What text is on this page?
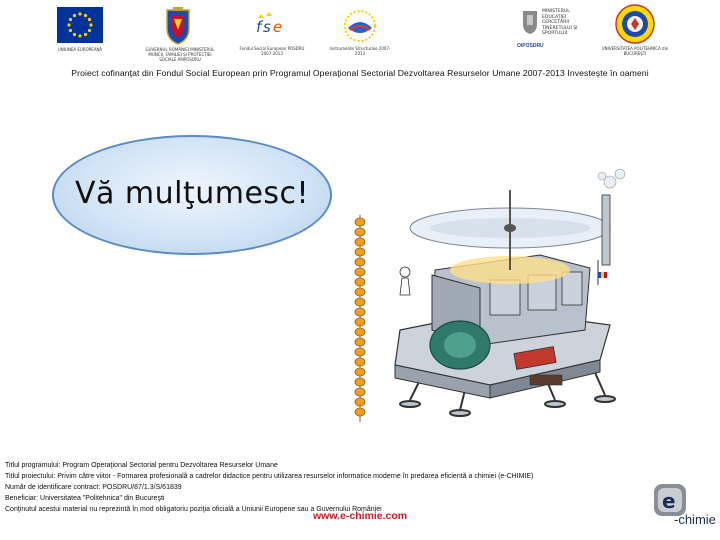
UNIUNEA EUROPEANĂ	GUVERNUL ROMÂNIEI MINISTERUL MUNCII, FAMILIEI ȘI PROTECȚIEI SOCIALE AMPOSDRU
f s e
Fondul Social European POSDRU 2007-2013
Instrumente Structurale 2007-2013
MINISTERUL EDUCAȚIEI CERCETĂRII TINERETULUI ȘI SPORTULUI
OIPOSDRU	UNIVERSITATEA POLITEHNICA din BUCUREŞTI
Proiect cofinanţat din Fondul Social European prin Programul Operaţional Sectorial Dezvoltarea Resurselor Umane 2007-2013 Investeşte în oameni
Vă mulţumesc!
Titlul programului: Program Operaţional Sectorial pentru Dezvoltarea Resurselor Umane
Titlul proiectului: Privim către viitor - Formarea profesională a cadrelor didactice pentru utilizarea resurselor informatice moderne în predarea eficientă a chimiei (e-CHIMIE)
Număr de identificare contract: POSDRU/87/1.3/S/61839
Beneficiar: Universitatea "Politehnica" din Bucureşti
Conţinutul acestui material nu reprezintă în mod obligatoriu poziţia oficială a Uniunii Europene sau a Guvernului României
www.e-chimie.com
e
-chimie
